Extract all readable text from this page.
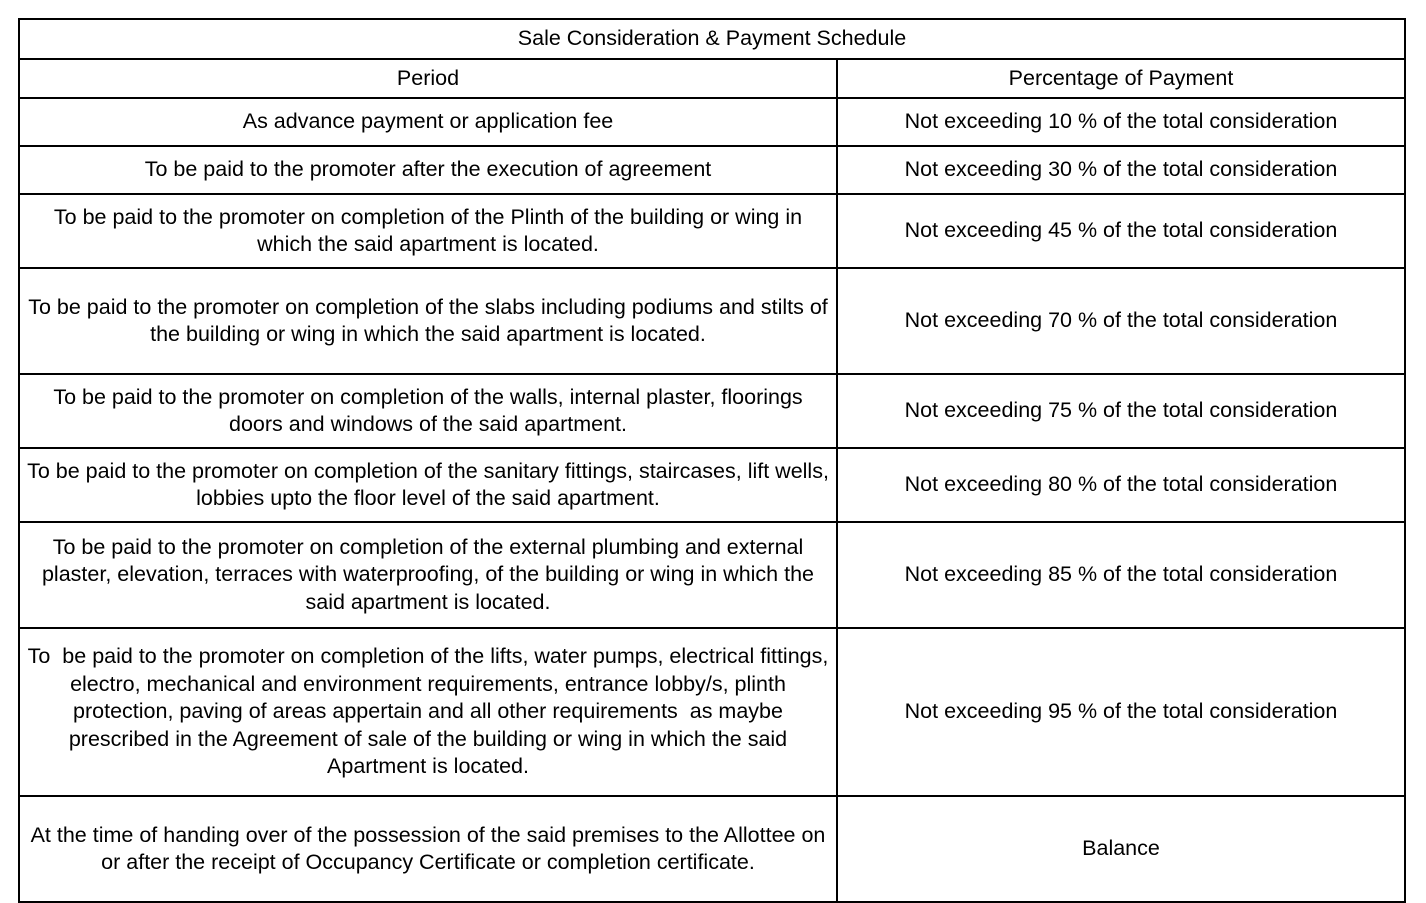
Sale Consideration & Payment Schedule	
Period	Percentage of Payment
As advance payment or application fee	Not exceeding 10 % of the total consideration
To be paid to the promoter after the execution of agreement	Not exceeding 30 % of the total consideration
To be paid to the promoter on completion of the Plinth of the building or wing in which the said apartment is located.	Not exceeding 45 % of the total consideration
To be paid to the promoter on completion of the slabs including podiums and stilts of the building or wing in which the said apartment is located.	Not exceeding 70 % of the total consideration
To be paid to the promoter on completion of the walls, internal plaster, floorings doors and windows of the said apartment.	Not exceeding 75 % of the total consideration
To be paid to the promoter on completion of the sanitary fittings, staircases, lift wells, lobbies upto the floor level of the said apartment.	Not exceeding 80 % of the total consideration
To be paid to the promoter on completion of the external plumbing and external plaster, elevation, terraces with waterproofing, of the building or wing in which the said apartment is located.	Not exceeding 85 % of the total consideration
To  be paid to the promoter on completion of the lifts, water pumps, electrical fittings, electro, mechanical and environment requirements, entrance lobby/s, plinth protection, paving of areas appertain and all other requirements  as maybe prescribed in the Agreement of sale of the building or wing in which the said Apartment is located.	Not exceeding 95 % of the total consideration
At the time of handing over of the possession of the said premises to the Allottee on or after the receipt of Occupancy Certificate or completion certificate.	Balance
